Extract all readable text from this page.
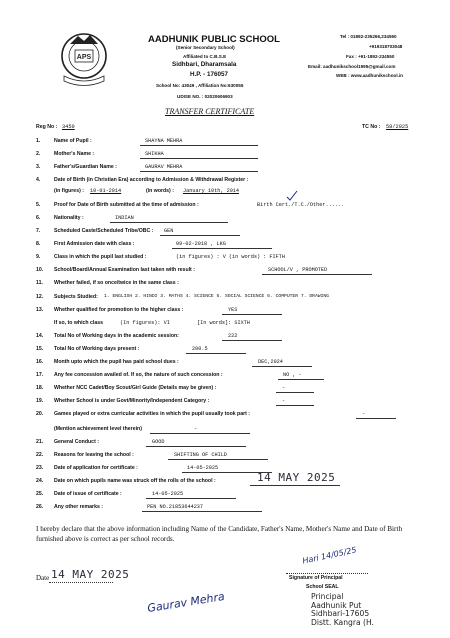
APS
AADHUNIK PUBLIC SCHOOL
(Senior Secondary School)
Affiliated to C.B.S.E
Sidhbari, Dharamsala
H.P. - 176057
School No: 43049 , Affiliation No:630055
UDISE NO. : 02020606903
Tel : 01892-235266,234550
+919318703048
Fax : +91-1892-234550
Email: aadhunikschool1995@gmail.com
WEB : www.aadhunikschool.in
TRANSFER CERTIFICATE
Reg No : 3450	TC No : 58/2025
1.	Name of Pupil :	SHAYNA MEHRA
2.	Mother's Name :	SHIKHA
3.	Father's/Guardian Name :	GAURAV MEHRA
4.	Date of Birth (in Christian Era) according to Admission & Withdrawal Register :
(in figures) : 10-01-2014	(in words) : January 10th, 2014
5.	Proof for Date of Birth submitted at the time of admission :	Birth Cert./T.C./Other......
6.	Nationality :	INDIAN
7.	Scheduled Caste/Scheduled Tribe/OBC : GEN
8.	First Admission date with class :	09-02-2018 , LKG
9.	Class in which the pupil last studied :	(in figures) : V (in words) : FIFTH
10.	School/Board/Annual Examination last taken with result :	SCHOOL/V , PROMOTED
11.	Whether failed, if so once/twice in the same class :
12.	Subjects Studied: 1. ENGLISH 2. HINDI 3. MATHS 4. SCIENCE 5. SOCIAL SCIENCE 6. COMPUTER 7. DRAWING
13.	Whether qualified for promotion to the higher class :	YES
If so, to which class	(In figures): VI	[In words]: SIXTH
14.	Total No of Working days in the academic session:	222
15.	Total No of Working days present :	200.5
16.	Month upto which the pupil has paid school dues :	DEC,2024
17.	Any fee concession availed of. If so, the nature of such concession :	NO , -
18.	Whether NCC Cadet/Boy Scout/Girl Guide (Details may be given) :	-
19.	Whether School is under Govt/Minority/Independent Category :	-
20.	Games played or extra curricular activities in which the pupil usually took part :	-
(Mention achievement level therein)	-
21.	General Conduct :	GOOD
22.	Reasons for leaving the school :	SHIFTING OF CHILD
23.	Date of application for certificate :	14-05-2025
24.	Date on which pupils name was struck off the rolls of the school :	14 MAY 2025
25.	Date of issue of certificate :	14-05-2025
26.	Any other remarks :	PEN NO.21853644237
I hereby declare that the above information including Name of the Candidate, Father's Name, Mother's Name and Date of Birth furnished above is correct as per school records.
Date 14 MAY 2025
Gaurav Mehra
Hari 14/05/25
Signature of Principal
School SEAL
Principal
Aadhunik Put
Sidhbari-17605
Distt. Kangra (H.
